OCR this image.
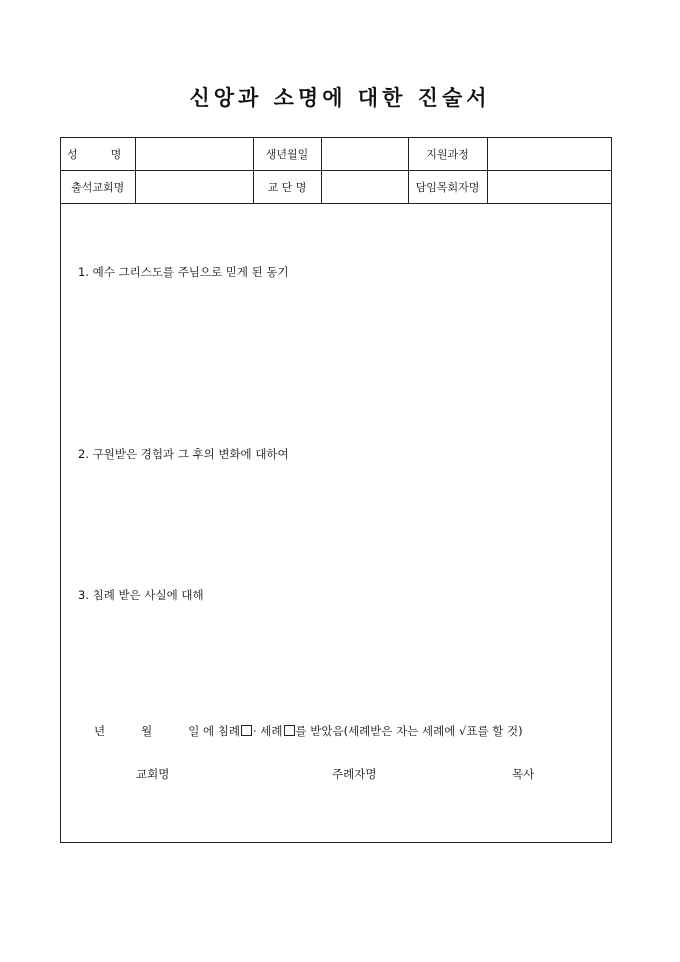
신앙과 소명에 대한 진술서
성 명		생년월일		지원과정	
출석교회명		교 단 명		담임목회자명	
1. 예수 그리스도를 주님으로 믿게 된 동기
2. 구원받은 경험과 그 후의 변화에 대하여
3. 침례 받은 사실에 대해
년	월	일 에 침례 · 세례 를 받았음(세례받은 자는 세례에 √표를 할 것)
교회명	주례자명	목사
